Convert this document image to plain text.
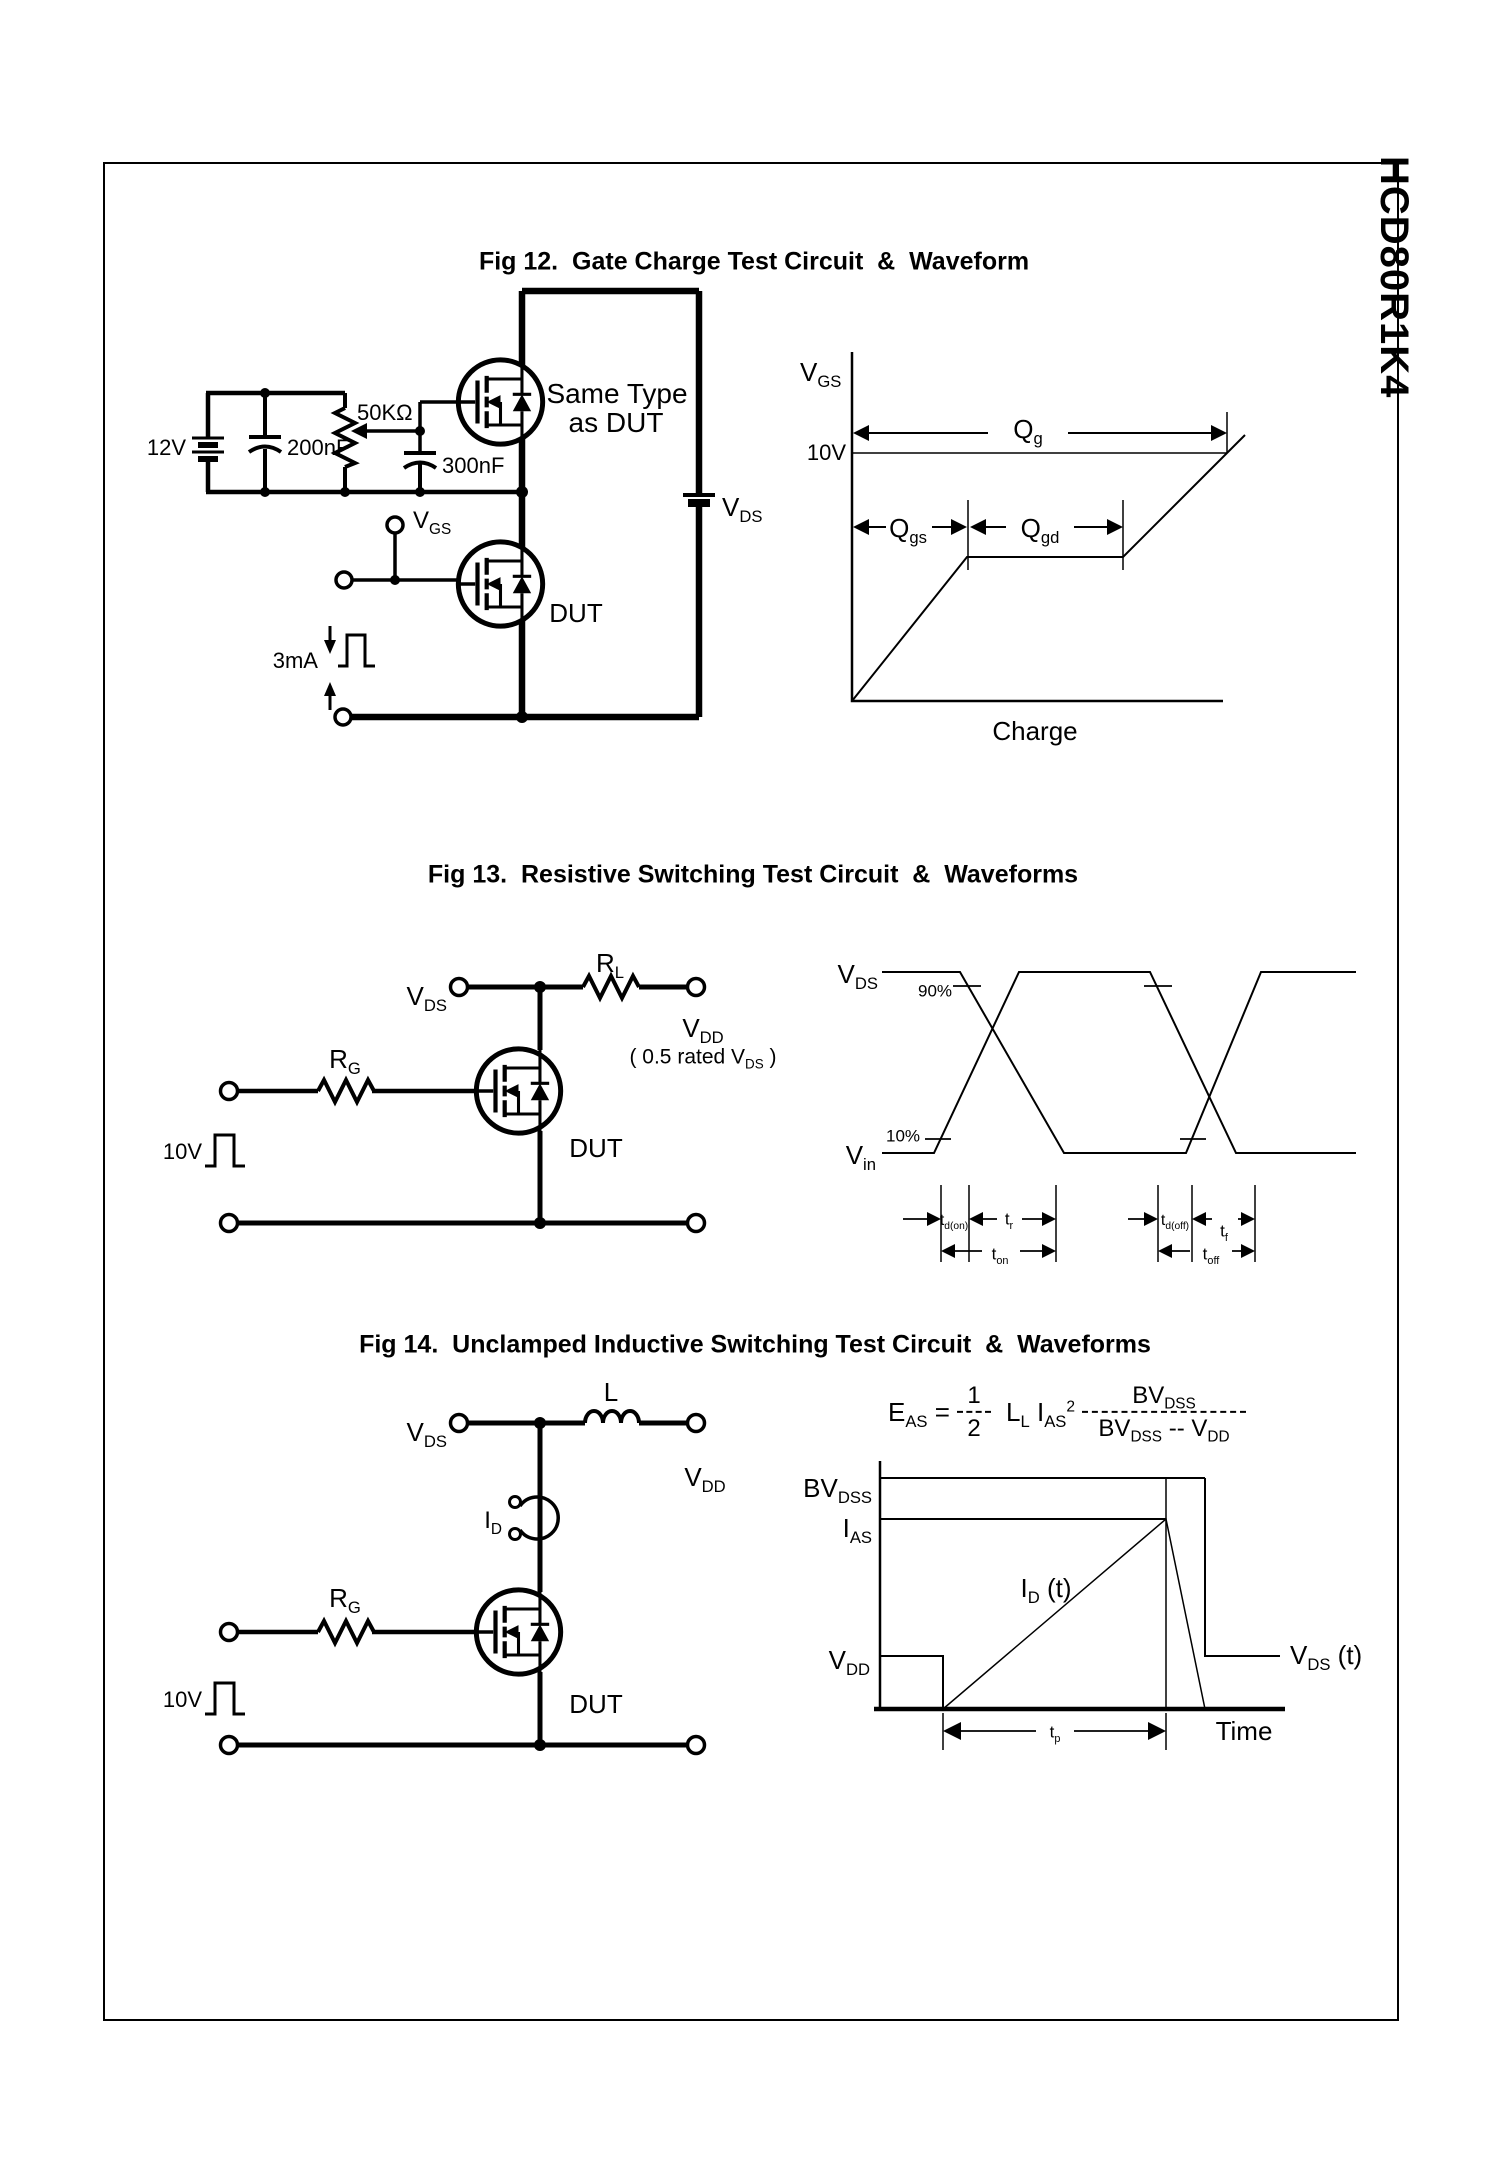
HCD80R1K4
Fig 12.  Gate Charge Test Circuit  &  Waveform
12V	200nF
50KΩ
300nF
Same Type
as DUT
$V_{GS}$
$V_{DS}$
DUT
3mA
$V_{GS}$
10V
$Q_g$
$Q_{gs}$	$Q_{gd}$
Charge
Fig 13.  Resistive Switching Test Circuit  &  Waveforms
$V_{DS}$
$R_L$
$V_{DD}$
( 0.5 rated $V_{DS}$ )
$R_G$
DUT
10V
$V_{DS}$ 90%
10%
$V_{in}$
$t_{d(on)}$ $t_r$
$t_{on}$
$t_{d(off)}$ $t_f$
$t_{off}$
Fig 14.  Unclamped Inductive Switching Test Circuit  &  Waveforms
$V_{DS}$
L
$V_{DD}$
$I_D$
$R_G$
DUT
10V
$E_{AS}$ =
1
2
$L_L$ $I_{AS}^2$ $BV_{DSS}$
$BV_{DSS} -- V_{DD}$
$BV_{DSS}$
$I_{AS}$
$V_{DD}$
$I_D$ (t)
$V_{DS}$ (t)
$t_p$	Time
